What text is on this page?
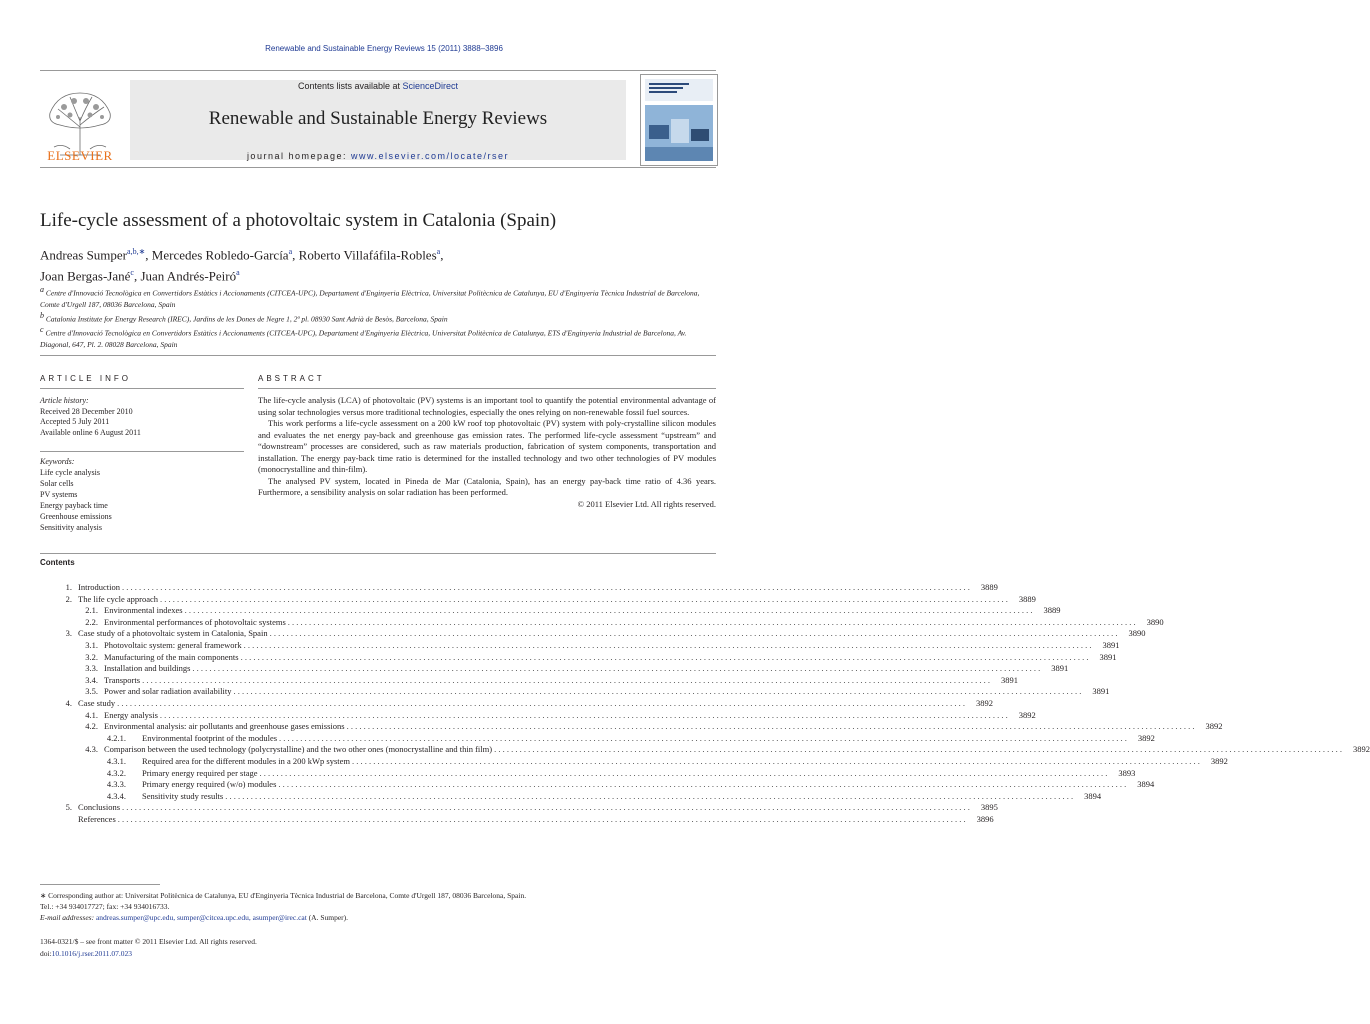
Renewable and Sustainable Energy Reviews 15 (2011) 3888–3896
ELSEVIER
Contents lists available at ScienceDirect
Renewable and Sustainable Energy Reviews
journal homepage: www.elsevier.com/locate/rser
Life-cycle assessment of a photovoltaic system in Catalonia (Spain)
Andreas Sumper$^{a,b,∗}$, Mercedes Robledo-García$^a$, Roberto Villafáfila-Robles$^a$,
Joan Bergas-Jané$^c$, Juan Andrés-Peiró$^a$
$^a$ Centre d'Innovació Tecnològica en Convertidors Estàtics i Accionaments (CITCEA-UPC), Departament d'Enginyeria Elèctrica, Universitat Politècnica de Catalunya, EU d'Enginyeria Tècnica Industrial de Barcelona, Comte d'Urgell 187, 08036 Barcelona, Spain
$^b$ Catalonia Institute for Energy Research (IREC), Jardins de les Dones de Negre 1, 2ª pl. 08930 Sant Adrià de Besòs, Barcelona, Spain
$^c$ Centre d'Innovació Tecnològica en Convertidors Estàtics i Accionaments (CITCEA-UPC), Departament d'Enginyeria Elèctrica, Universitat Politècnica de Catalunya, ETS d'Enginyeria Industrial de Barcelona, Av. Diagonal, 647, Pl. 2. 08028 Barcelona, Spain
ARTICLE INFO	ABSTRACT
Article history:
Received 28 December 2010
Accepted 5 July 2011
Available online 6 August 2011
Keywords:
Life cycle analysis
Solar cells
PV systems
Energy payback time
Greenhouse emissions
Sensitivity analysis

The life-cycle analysis (LCA) of photovoltaic (PV) systems is an important tool to quantify the potential environmental advantage of using solar technologies versus more traditional technologies, especially the ones relying on non-renewable fossil fuel sources.

This work performs a life-cycle assessment on a 200 kW roof top photovoltaic (PV) system with poly-crystalline silicon modules and evaluates the net energy pay-back and greenhouse gas emission rates. The performed life-cycle assessment “upstream” and “downstream” processes are considered, such as raw materials production, fabrication of system components, transportation and installation. The energy pay-back time ratio is determined for the installed technology and two other technologies of PV modules (monocrystalline and thin-film).

The analysed PV system, located in Pineda de Mar (Catalonia, Spain), has an energy pay-back time ratio of 4.36 years. Furthermore, a sensibility analysis on solar radiation has been performed.

© 2011 Elsevier Ltd. All rights reserved.
Contents
1. Introduction . . . . . . . . . . . . . . . . . . . . . . . . . . . . . . . . . . . . . . . . . . . . . . . . . . . . . . . . . . . . . . . . . . . . . . . . . . . . . . . . . . . . . . . . . . . . . . . . . . . . . . . . . . . . . . . . . . . . . . . . . . . . . . . . . . . . . . . . . . . . . . . . . . . . . . . . . . . . . . . . . . . . . . . . . . . . . . . . . . . . . . . . . . . . . . . . . . . . . . . .	3889
2. The life cycle approach . . . . . . . . . . . . . . . . . . . . . . . . . . . . . . . . . . . . . . . . . . . . . . . . . . . . . . . . . . . . . . . . . . . . . . . . . . . . . . . . . . . . . . . . . . . . . . . . . . . . . . . . . . . . . . . . . . . . . . . . . . . . . . . . . . . . . . . . . . . . . . . . . . . . . . . . . . . . . . . . . . . . . . . . . . . . . . . . . . . . . . . . . . . . . . . . . . . . . . . .	3889
2.1. Environmental indexes . . . . . . . . . . . . . . . . . . . . . . . . . . . . . . . . . . . . . . . . . . . . . . . . . . . . . . . . . . . . . . . . . . . . . . . . . . . . . . . . . . . . . . . . . . . . . . . . . . . . . . . . . . . . . . . . . . . . . . . . . . . . . . . . . . . . . . . . . . . . . . . . . . . . . . . . . . . . . . . . . . . . . . . . . . . . . . . . . . . . . . . . . . . . . . . . . . . . . . . .	3889
2.2. Environmental performances of photovoltaic systems . . . . . . . . . . . . . . . . . . . . . . . . . . . . . . . . . . . . . . . . . . . . . . . . . . . . . . . . . . . . . . . . . . . . . . . . . . . . . . . . . . . . . . . . . . . . . . . . . . . . . . . . . . . . . . . . . . . . . . . . . . . . . . . . . . . . . . . . . . . . . . . . . . . . . . . . . . . . . . . . . . . . . . . . . . . . . . . . . . . . . . . . . . . . . . . . . . . . . . . .	3890
3. Case study of a photovoltaic system in Catalonia, Spain . . . . . . . . . . . . . . . . . . . . . . . . . . . . . . . . . . . . . . . . . . . . . . . . . . . . . . . . . . . . . . . . . . . . . . . . . . . . . . . . . . . . . . . . . . . . . . . . . . . . . . . . . . . . . . . . . . . . . . . . . . . . . . . . . . . . . . . . . . . . . . . . . . . . . . . . . . . . . . . . . . . . . . . . . . . . . . . . . . . . . . . . . . . . . . . . . . . . . . . .	3890
3.1. Photovoltaic system: general framework . . . . . . . . . . . . . . . . . . . . . . . . . . . . . . . . . . . . . . . . . . . . . . . . . . . . . . . . . . . . . . . . . . . . . . . . . . . . . . . . . . . . . . . . . . . . . . . . . . . . . . . . . . . . . . . . . . . . . . . . . . . . . . . . . . . . . . . . . . . . . . . . . . . . . . . . . . . . . . . . . . . . . . . . . . . . . . . . . . . . . . . . . . . . . . . . . . . . . . . .	3891
3.2. Manufacturing of the main components . . . . . . . . . . . . . . . . . . . . . . . . . . . . . . . . . . . . . . . . . . . . . . . . . . . . . . . . . . . . . . . . . . . . . . . . . . . . . . . . . . . . . . . . . . . . . . . . . . . . . . . . . . . . . . . . . . . . . . . . . . . . . . . . . . . . . . . . . . . . . . . . . . . . . . . . . . . . . . . . . . . . . . . . . . . . . . . . . . . . . . . . . . . . . . . . . . . . . . . .	3891
3.3. Installation and buildings . . . . . . . . . . . . . . . . . . . . . . . . . . . . . . . . . . . . . . . . . . . . . . . . . . . . . . . . . . . . . . . . . . . . . . . . . . . . . . . . . . . . . . . . . . . . . . . . . . . . . . . . . . . . . . . . . . . . . . . . . . . . . . . . . . . . . . . . . . . . . . . . . . . . . . . . . . . . . . . . . . . . . . . . . . . . . . . . . . . . . . . . . . . . . . . . . . . . . . . .	3891
3.4. Transports . . . . . . . . . . . . . . . . . . . . . . . . . . . . . . . . . . . . . . . . . . . . . . . . . . . . . . . . . . . . . . . . . . . . . . . . . . . . . . . . . . . . . . . . . . . . . . . . . . . . . . . . . . . . . . . . . . . . . . . . . . . . . . . . . . . . . . . . . . . . . . . . . . . . . . . . . . . . . . . . . . . . . . . . . . . . . . . . . . . . . . . . . . . . . . . . . . . . . . . .	3891
3.5. Power and solar radiation availability . . . . . . . . . . . . . . . . . . . . . . . . . . . . . . . . . . . . . . . . . . . . . . . . . . . . . . . . . . . . . . . . . . . . . . . . . . . . . . . . . . . . . . . . . . . . . . . . . . . . . . . . . . . . . . . . . . . . . . . . . . . . . . . . . . . . . . . . . . . . . . . . . . . . . . . . . . . . . . . . . . . . . . . . . . . . . . . . . . . . . . . . . . . . . . . . . . . . . . . .	3891
4. Case study . . . . . . . . . . . . . . . . . . . . . . . . . . . . . . . . . . . . . . . . . . . . . . . . . . . . . . . . . . . . . . . . . . . . . . . . . . . . . . . . . . . . . . . . . . . . . . . . . . . . . . . . . . . . . . . . . . . . . . . . . . . . . . . . . . . . . . . . . . . . . . . . . . . . . . . . . . . . . . . . . . . . . . . . . . . . . . . . . . . . . . . . . . . . . . . . . . . . . . . .	3892
4.1. Energy analysis . . . . . . . . . . . . . . . . . . . . . . . . . . . . . . . . . . . . . . . . . . . . . . . . . . . . . . . . . . . . . . . . . . . . . . . . . . . . . . . . . . . . . . . . . . . . . . . . . . . . . . . . . . . . . . . . . . . . . . . . . . . . . . . . . . . . . . . . . . . . . . . . . . . . . . . . . . . . . . . . . . . . . . . . . . . . . . . . . . . . . . . . . . . . . . . . . . . . . . . .	3892
4.2. Environmental analysis: air pollutants and greenhouse gases emissions . . . . . . . . . . . . . . . . . . . . . . . . . . . . . . . . . . . . . . . . . . . . . . . . . . . . . . . . . . . . . . . . . . . . . . . . . . . . . . . . . . . . . . . . . . . . . . . . . . . . . . . . . . . . . . . . . . . . . . . . . . . . . . . . . . . . . . . . . . . . . . . . . . . . . . . . . . . . . . . . . . . . . . . . . . . . . . . . . . . . . . . . . . . . . . . . . . . . . . . .	3892
4.2.1. Environmental footprint of the modules . . . . . . . . . . . . . . . . . . . . . . . . . . . . . . . . . . . . . . . . . . . . . . . . . . . . . . . . . . . . . . . . . . . . . . . . . . . . . . . . . . . . . . . . . . . . . . . . . . . . . . . . . . . . . . . . . . . . . . . . . . . . . . . . . . . . . . . . . . . . . . . . . . . . . . . . . . . . . . . . . . . . . . . . . . . . . . . . . . . . . . . . . . . . . . . . . . . . . . . .	3892
4.3. Comparison between the used technology (polycrystalline) and the two other ones (monocrystalline and thin film) . . . . . . . . . . . . . . . . . . . . . . . . . . . . . . . . . . . . . . . . . . . . . . . . . . . . . . . . . . . . . . . . . . . . . . . . . . . . . . . . . . . . . . . . . . . . . . . . . . . . . . . . . . . . . . . . . . . . . . . . . . . . . . . . . . . . . . . . . . . . . . . . . . . . . . . . . . . . . . . . . . . . . . . . . . . . . . . . . . . . . . . . . . . . . . . . . . . . . . . .	3892
4.3.1. Required area for the different modules in a 200 kWp system . . . . . . . . . . . . . . . . . . . . . . . . . . . . . . . . . . . . . . . . . . . . . . . . . . . . . . . . . . . . . . . . . . . . . . . . . . . . . . . . . . . . . . . . . . . . . . . . . . . . . . . . . . . . . . . . . . . . . . . . . . . . . . . . . . . . . . . . . . . . . . . . . . . . . . . . . . . . . . . . . . . . . . . . . . . . . . . . . . . . . . . . . . . . . . . . . . . . . . . .	3892
4.3.2. Primary energy required per stage . . . . . . . . . . . . . . . . . . . . . . . . . . . . . . . . . . . . . . . . . . . . . . . . . . . . . . . . . . . . . . . . . . . . . . . . . . . . . . . . . . . . . . . . . . . . . . . . . . . . . . . . . . . . . . . . . . . . . . . . . . . . . . . . . . . . . . . . . . . . . . . . . . . . . . . . . . . . . . . . . . . . . . . . . . . . . . . . . . . . . . . . . . . . . . . . . . . . . . . .	3893
4.3.3. Primary energy required (w/o) modules . . . . . . . . . . . . . . . . . . . . . . . . . . . . . . . . . . . . . . . . . . . . . . . . . . . . . . . . . . . . . . . . . . . . . . . . . . . . . . . . . . . . . . . . . . . . . . . . . . . . . . . . . . . . . . . . . . . . . . . . . . . . . . . . . . . . . . . . . . . . . . . . . . . . . . . . . . . . . . . . . . . . . . . . . . . . . . . . . . . . . . . . . . . . . . . . . . . . . . . .	3894
4.3.4. Sensitivity study results . . . . . . . . . . . . . . . . . . . . . . . . . . . . . . . . . . . . . . . . . . . . . . . . . . . . . . . . . . . . . . . . . . . . . . . . . . . . . . . . . . . . . . . . . . . . . . . . . . . . . . . . . . . . . . . . . . . . . . . . . . . . . . . . . . . . . . . . . . . . . . . . . . . . . . . . . . . . . . . . . . . . . . . . . . . . . . . . . . . . . . . . . . . . . . . . . . . . . . . .	3894
5. Conclusions . . . . . . . . . . . . . . . . . . . . . . . . . . . . . . . . . . . . . . . . . . . . . . . . . . . . . . . . . . . . . . . . . . . . . . . . . . . . . . . . . . . . . . . . . . . . . . . . . . . . . . . . . . . . . . . . . . . . . . . . . . . . . . . . . . . . . . . . . . . . . . . . . . . . . . . . . . . . . . . . . . . . . . . . . . . . . . . . . . . . . . . . . . . . . . . . . . . . . . . .	3895
References . . . . . . . . . . . . . . . . . . . . . . . . . . . . . . . . . . . . . . . . . . . . . . . . . . . . . . . . . . . . . . . . . . . . . . . . . . . . . . . . . . . . . . . . . . . . . . . . . . . . . . . . . . . . . . . . . . . . . . . . . . . . . . . . . . . . . . . . . . . . . . . . . . . . . . . . . . . . . . . . . . . . . . . . . . . . . . . . . . . . . . . . . . . . . . . . . . . . . . . .	3896
∗ Corresponding author at: Universitat Politècnica de Catalunya, EU d'Enginyeria Tècnica Industrial de Barcelona, Comte d'Urgell 187, 08036 Barcelona, Spain.
Tel.: +34 934017727; fax: +34 934016733.
E-mail addresses: andreas.sumper@upc.edu, sumper@citcea.upc.edu, asumper@irec.cat (A. Sumper).
1364-0321/$ – see front matter © 2011 Elsevier Ltd. All rights reserved.
doi:10.1016/j.rser.2011.07.023
